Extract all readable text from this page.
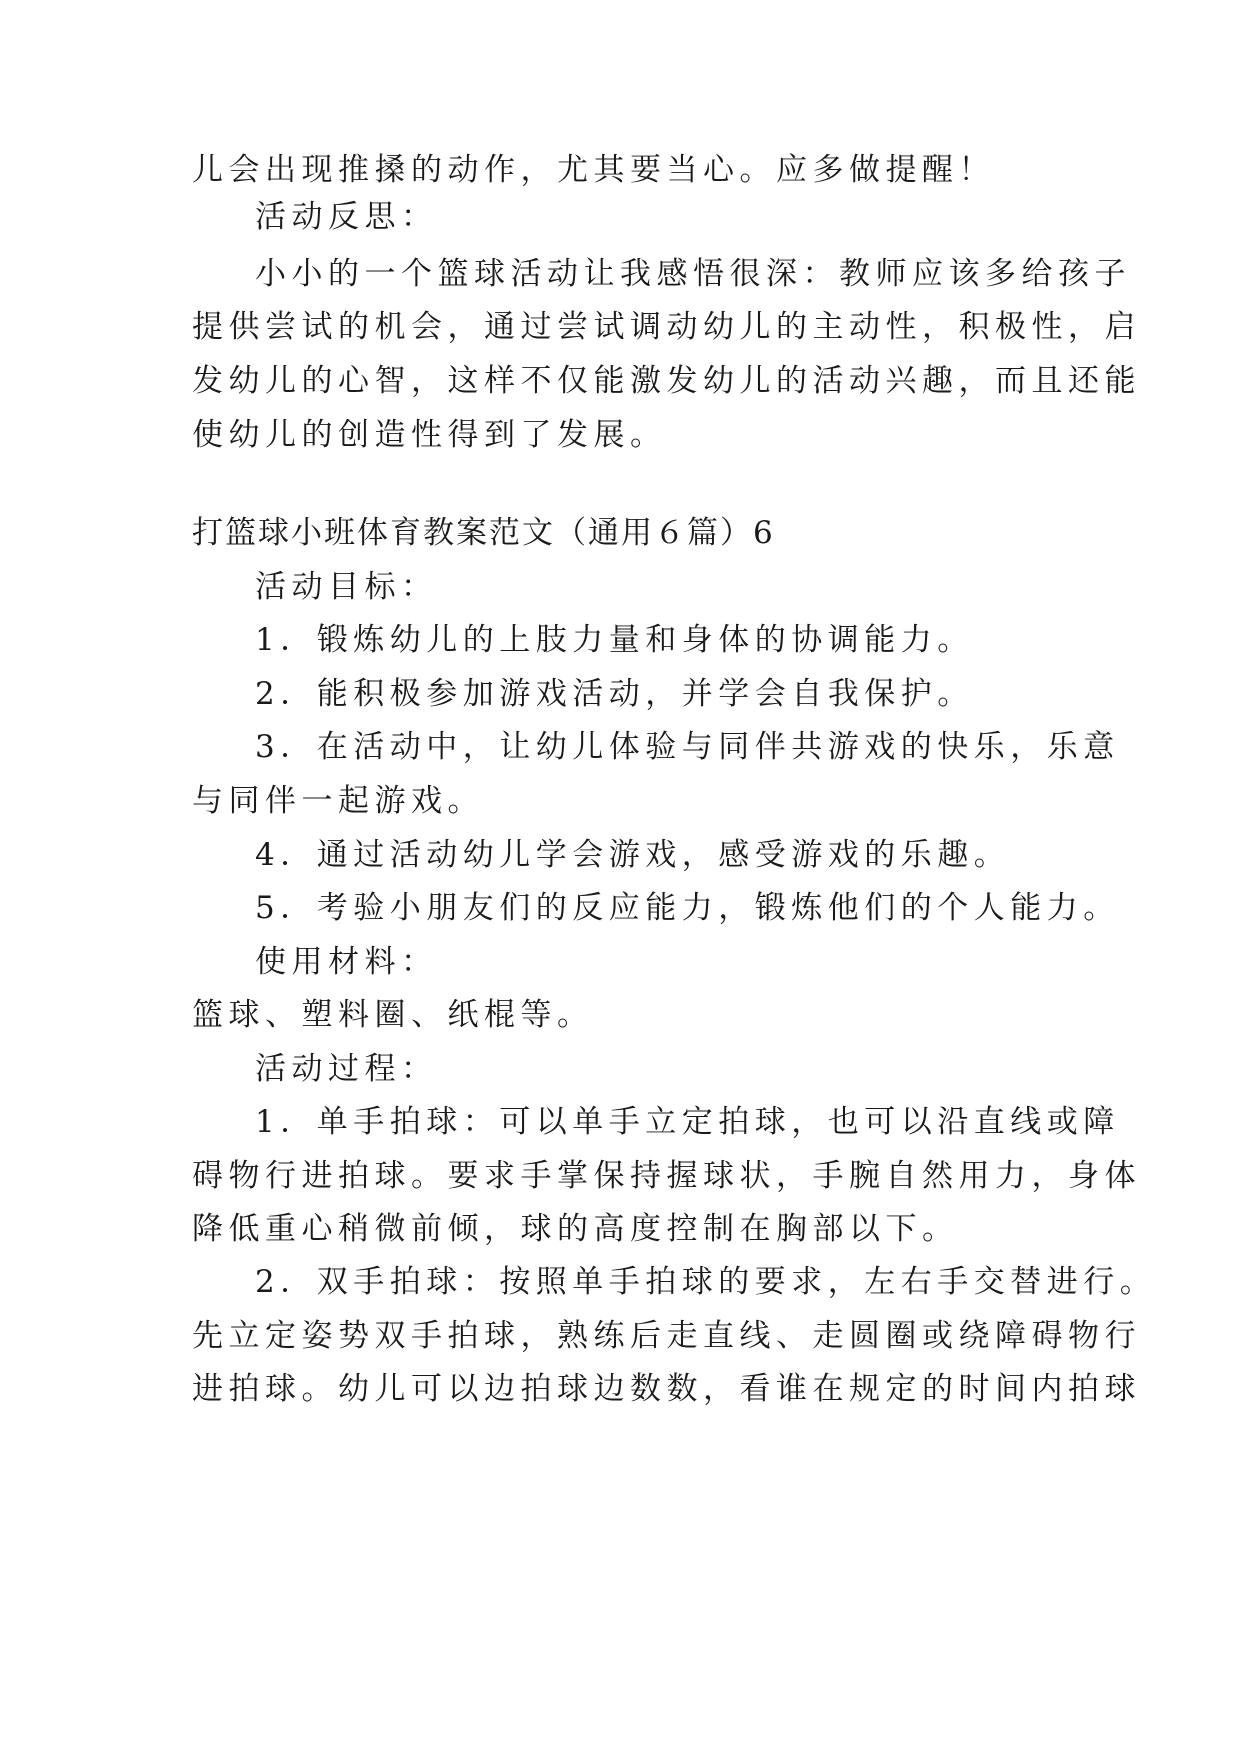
儿会出现推搡的动作，尤其要当心。应多做提醒！
活动反思：
小小的一个篮球活动让我感悟很深：教师应该多给孩子
提供尝试的机会，通过尝试调动幼儿的主动性，积极性，启
发幼儿的心智，这样不仅能激发幼儿的活动兴趣，而且还能
使幼儿的创造性得到了发展。
打篮球小班体育教案范文（通用６篇）6
活动目标：
1．锻炼幼儿的上肢力量和身体的协调能力。
2．能积极参加游戏活动，并学会自我保护。
3．在活动中，让幼儿体验与同伴共游戏的快乐，乐意
与同伴一起游戏。
4．通过活动幼儿学会游戏，感受游戏的乐趣。
5．考验小朋友们的反应能力，锻炼他们的个人能力。
使用材料：
篮球、塑料圈、纸棍等。
活动过程：
1．单手拍球：可以单手立定拍球，也可以沿直线或障
碍物行进拍球。要求手掌保持握球状，手腕自然用力，身体
降低重心稍微前倾，球的高度控制在胸部以下。
2．双手拍球：按照单手拍球的要求，左右手交替进行。
先立定姿势双手拍球，熟练后走直线、走圆圈或绕障碍物行
进拍球。幼儿可以边拍球边数数，看谁在规定的时间内拍球
